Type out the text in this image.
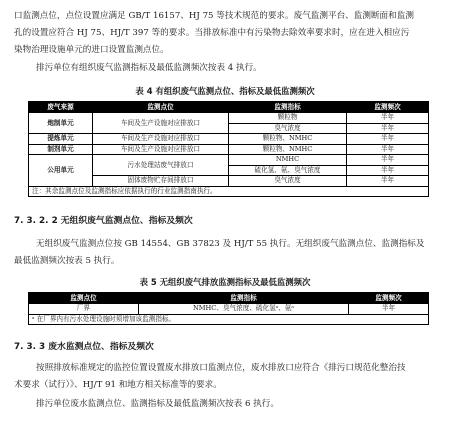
口监测点位，点位设置应满足 GB/T 16157、HJ 75 等技术规范的要求。废气监测平台、监测断面和监测
孔的设置应符合 HJ 75、HJ/T 397 等的要求。当排放标准中有污染物去除效率要求时，应在进入相应污
染物治理设施单元的进口设置监测点位。
排污单位有组织废气监测指标及最低监测频次按表 4 执行。
表 4 有组织废气监测点位、指标及最低监测频次
废气来源	监测点位	监测指标	监测频次
炮制单元	车间及生产设施对应排放口	颗粒物	半年
		臭气浓度	半年
提炼单元	车间及生产设施对应排放口	颗粒物、NMHC	半年
制剂单元	车间及生产设施对应排放口	颗粒物、NMHC	半年
公用单元	污水处理站废气排放口	NMHC	半年
		硫化氢、氨、臭气浓度	半年
	固体废物贮存间排放口	臭气浓度	半年
注：其余监测点位及监测指标应依据执行的行业监测指南执行。			
7. 3. 2. 2 无组织废气监测点位、指标及频次
无组织废气监测点位按 GB 14554、GB 37823 及 HJ/T 55 执行。无组织废气监测点位、监测指标及
最低监测频次按表 5 执行。
表 5 无组织废气排放监测指标及最低监测频次
监测点位	监测指标	监测频次
厂界	NMHC、臭气浓度、硫化氢ᵃ、氨ᵃ	半年
ᵃ 在厂界内有污水处理设施时须增加该监测指标。		
7. 3. 3 废水监测点位、指标及频次
按照排放标准规定的监控位置设置废水排放口监测点位，废水排放口应符合《排污口规范化整治技
术要求（试行）》、HJ/T 91 和地方相关标准等的要求。
排污单位废水监测点位、监测指标及最低监测频次按表 6 执行。
